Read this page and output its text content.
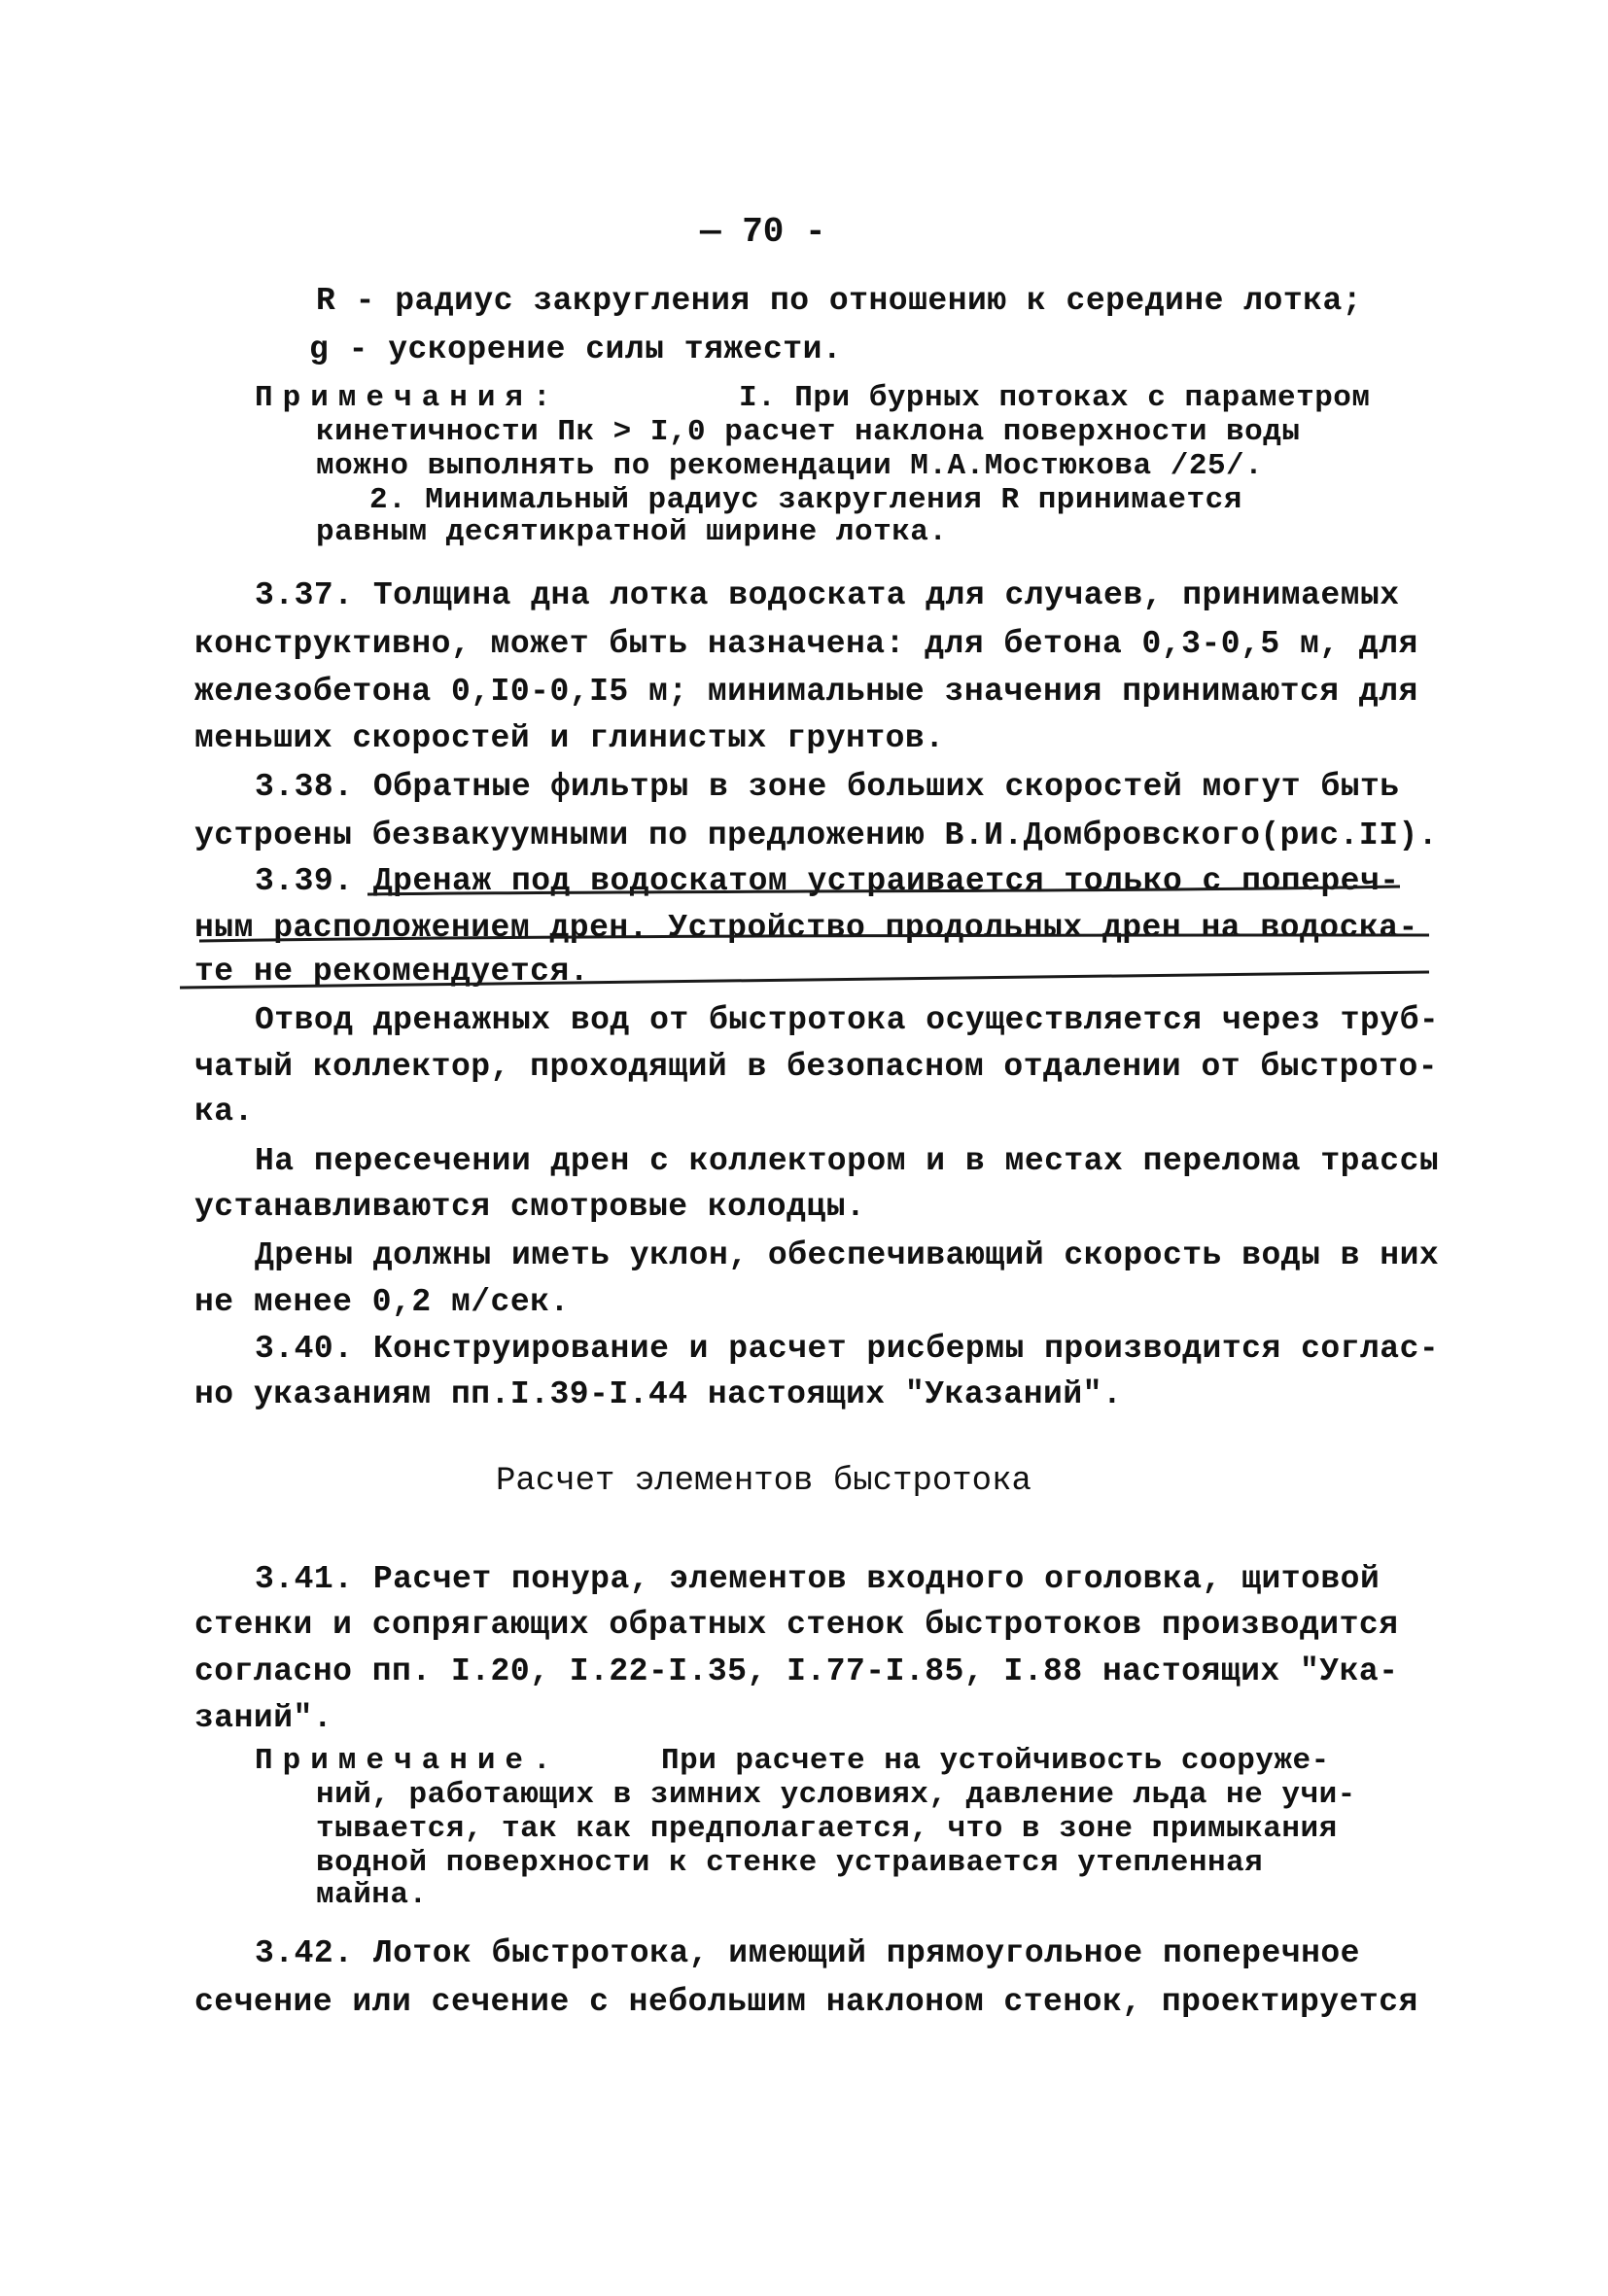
— 70 -
R - радиус закругления по отношению к середине лотка;
g - ускорение силы тяжести.
Примечания:	I. При бурных потоках с параметром
кинетичности Пк > I,0 расчет наклона поверхности воды
можно выполнять по рекомендации М.А.Мостюкова /25/.
2. Минимальный радиус закругления R принимается
равным десятикратной ширине лотка.
3.37. Толщина дна лотка водоската для случаев, принимаемых
конструктивно, может быть назначена: для бетона 0,3-0,5 м, для
железобетона 0,I0-0,I5 м; минимальные значения принимаются для
меньших скоростей и глинистых грунтов.
3.38. Обратные фильтры в зоне больших скоростей могут быть
устроены безвакуумными по предложению В.И.Домбровского(рис.II).
3.39. Дренаж под водоскатом устраивается только с попереч-
ным расположением дрен. Устройство продольных дрен на водоска-
те не рекомендуется.
Отвод дренажных вод от быстротока осуществляется через труб-
чатый коллектор, проходящий в безопасном отдалении от быстрото-
ка.
На пересечении дрен с коллектором и в местах перелома трассы
устанавливаются смотровые колодцы.
Дрены должны иметь уклон, обеспечивающий скорость воды в них
не менее 0,2 м/сек.
3.40. Конструирование и расчет рисбермы производится соглас-
но указаниям пп.I.39-I.44 настоящих "Указаний".
Расчет элементов быстротока
3.41. Расчет понура, элементов входного оголовка, щитовой
стенки и сопрягающих обратных стенок быстротоков производится
согласно пп. I.20, I.22-I.35, I.77-I.85, I.88 настоящих "Ука-
заний".
Примечание.	При расчете на устойчивость сооруже-
ний, работающих в зимних условиях, давление льда не учи-
тывается, так как предполагается, что в зоне примыкания
водной поверхности к стенке устраивается утепленная
майна.
3.42. Лоток быстротока, имеющий прямоугольное поперечное
сечение или сечение с небольшим наклоном стенок, проектируется
